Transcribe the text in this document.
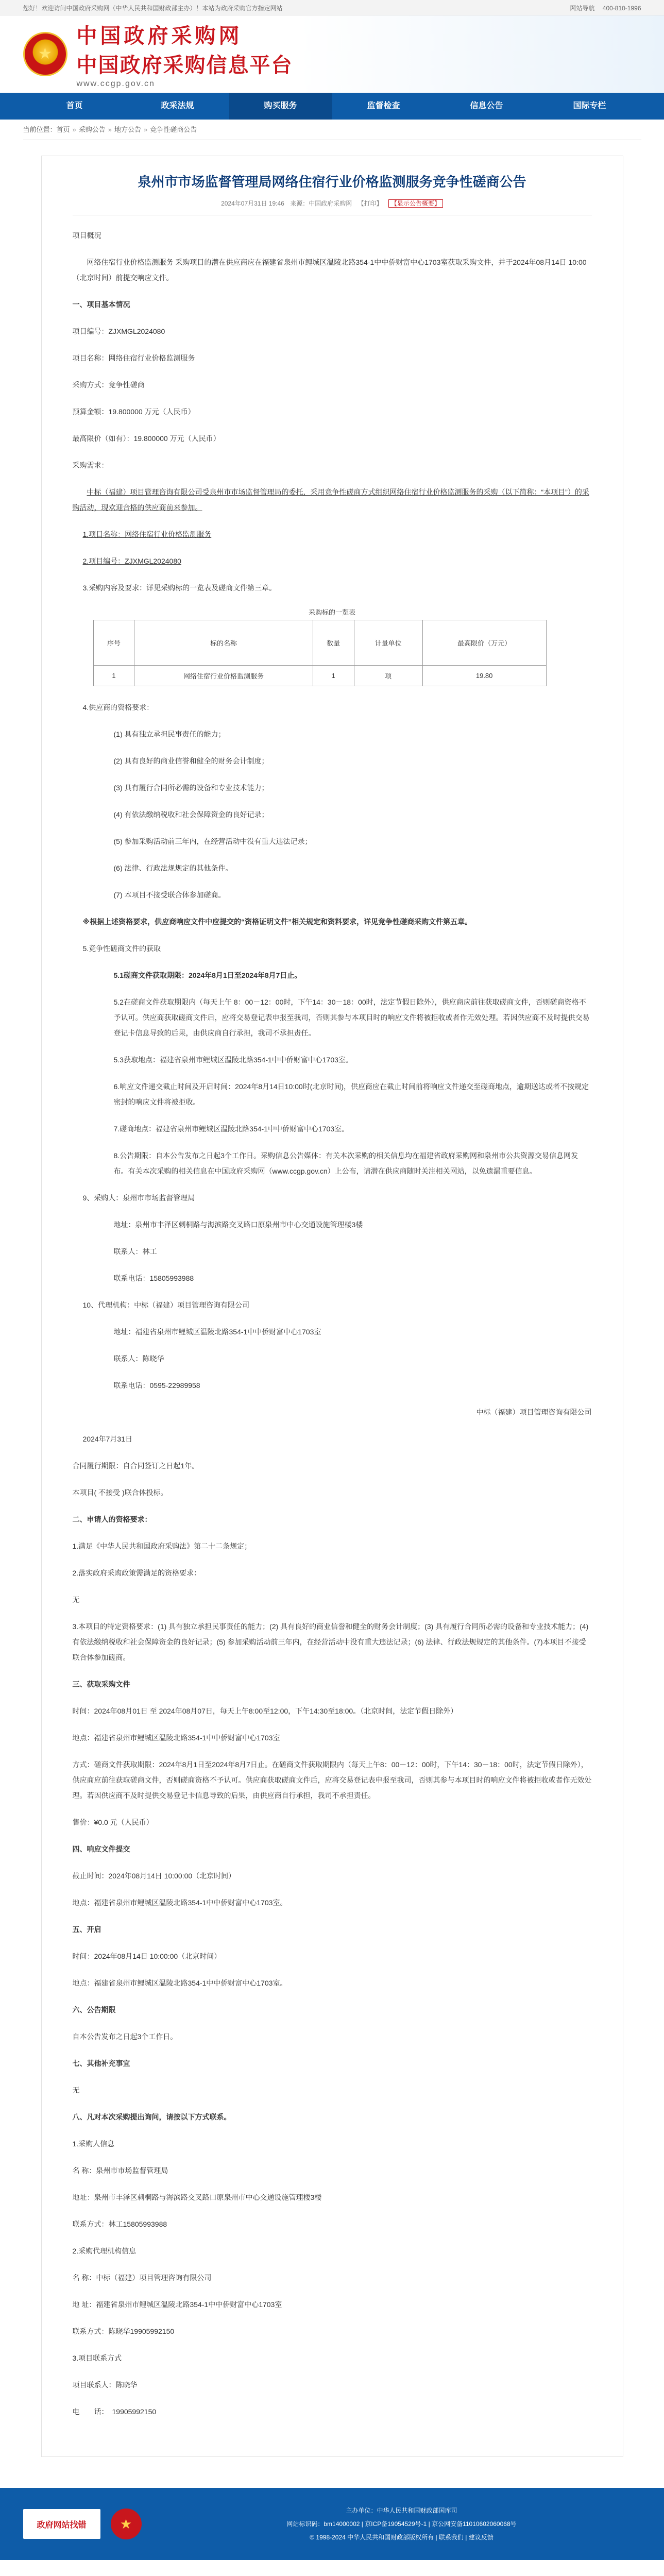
您好！欢迎访问中国政府采购网（中华人民共和国财政部主办）！本站为政府采购官方指定网站	网站导航 400-810-1996
★
中国政府采购网
中国政府采购信息平台
www.ccgp.gov.cn
首页	政采法规	购买服务	监督检查	信息公告	国际专栏
当前位置：首页 » 采购公告 » 地方公告 » 竞争性磋商公告
泉州市市场监督管理局网络住宿行业价格监测服务竞争性磋商公告
2024年07月31日 19:46 来源：中国政府采购网 【打印】 【显示公告概要】

项目概况

网络住宿行业价格监测服务 采购项目的潜在供应商应在福建省泉州市鲤城区温陵北路354-1中中侨财富中心1703室获取采购文件，并于2024年08月14日 10:00（北京时间）前提交响应文件。

一、项目基本情况

项目编号：ZJXMGL2024080

项目名称：网络住宿行业价格监测服务

采购方式：竞争性磋商

预算金额：19.800000 万元（人民币）

最高限价（如有）：19.800000 万元（人民币）

采购需求：

中标（福建）项目管理咨询有限公司受泉州市市场监督管理局的委托，采用竞争性磋商方式组织网络住宿行业价格监测服务的采购（以下简称：“本项目”）的采购活动，现欢迎合格的供应商前来参加。

1.项目名称：网络住宿行业价格监测服务

2.项目编号：ZJXMGL2024080

3.采购内容及要求：详见采购标的一览表及磋商文件第三章。

采购标的一览表
序号	标的名称	数量	计量单位	最高限价（万元）
1	网络住宿行业价格监测服务	1	项	19.80

4.供应商的资格要求：

(1) 具有独立承担民事责任的能力；

(2) 具有良好的商业信誉和健全的财务会计制度；

(3) 具有履行合同所必需的设备和专业技术能力；

(4) 有依法缴纳税收和社会保障资金的良好记录；

(5) 参加采购活动前三年内，在经营活动中没有重大违法记录；

(6) 法律、行政法规规定的其他条件。

(7) 本项目不接受联合体参加磋商。

※根据上述资格要求，供应商响应文件中应提交的“资格证明文件”相关规定和资料要求，详见竞争性磋商采购文件第五章。

5.竞争性磋商文件的获取

5.1磋商文件获取期限：2024年8月1日至2024年8月7日止。

5.2在磋商文件获取期限内（每天上午 8：00－12：00时，下午14：30－18：00时，法定节假日除外），供应商应前往获取磋商文件，否则磋商资格不予认可。供应商获取磋商文件后，应将交易登记表申报至我司，否则其参与本项目时的响应文件将被拒收或者作无效处理。若因供应商不及时提供交易登记卡信息导致的后果，由供应商自行承担，我司不承担责任。

5.3获取地点：福建省泉州市鲤城区温陵北路354-1中中侨财富中心1703室。

6.响应文件递交截止时间及开启时间：2024年8月14日10:00时(北京时间)，供应商应在截止时间前将响应文件递交至磋商地点，逾期送达或者不按规定密封的响应文件将被拒收。

7.磋商地点：福建省泉州市鲤城区温陵北路354-1中中侨财富中心1703室。

8.公告期限：自本公告发布之日起3个工作日。采购信息公告媒体：有关本次采购的相关信息均在福建省政府采购网和泉州市公共资源交易信息网发布。有关本次采购的相关信息在中国政府采购网（www.ccgp.gov.cn）上公布，请潜在供应商随时关注相关网站，以免遗漏重要信息。

9、采购人：泉州市市场监督管理局

地址：泉州市丰泽区刺桐路与海滨路交叉路口原泉州市中心交通设施管理楼3楼

联系人：林工

联系电话：15805993988

10、代理机构：中标（福建）项目管理咨询有限公司

地址：福建省泉州市鲤城区温陵北路354-1中中侨财富中心1703室

联系人：陈晓华

联系电话：0595-22989958

中标（福建）项目管理咨询有限公司

2024年7月31日

合同履行期限：自合同签订之日起1年。

本项目( 不接受 )联合体投标。

二、申请人的资格要求：

1.满足《中华人民共和国政府采购法》第二十二条规定；

2.落实政府采购政策需满足的资格要求：

无

3.本项目的特定资格要求：(1) 具有独立承担民事责任的能力；(2) 具有良好的商业信誉和健全的财务会计制度；(3) 具有履行合同所必需的设备和专业技术能力；(4) 有依法缴纳税收和社会保障资金的良好记录；(5) 参加采购活动前三年内，在经营活动中没有重大违法记录；(6) 法律、行政法规规定的其他条件。(7)本项目不接受联合体参加磋商。

三、获取采购文件

时间：2024年08月01日 至 2024年08月07日，每天上午8:00至12:00，下午14:30至18:00。（北京时间，法定节假日除外）

地点：福建省泉州市鲤城区温陵北路354-1中中侨财富中心1703室

方式：磋商文件获取期限：2024年8月1日至2024年8月7日止。在磋商文件获取期限内（每天上午8：00－12：00时，下午14：30－18：00时，法定节假日除外），供应商应前往获取磋商文件，否则磋商资格不予认可。供应商获取磋商文件后，应将交易登记表申报至我司，否则其参与本项目时的响应文件将被拒收或者作无效处理。若因供应商不及时提供交易登记卡信息导致的后果，由供应商自行承担，我司不承担责任。

售价：¥0.0 元（人民币）

四、响应文件提交

截止时间：2024年08月14日 10:00:00（北京时间）

地点：福建省泉州市鲤城区温陵北路354-1中中侨财富中心1703室。

五、开启

时间：2024年08月14日 10:00:00（北京时间）

地点：福建省泉州市鲤城区温陵北路354-1中中侨财富中心1703室。

六、公告期限

自本公告发布之日起3个工作日。

七、其他补充事宜

无

八、凡对本次采购提出询问，请按以下方式联系。

1.采购人信息

名 称：泉州市市场监督管理局

地址：泉州市丰泽区刺桐路与海滨路交叉路口原泉州市中心交通设施管理楼3楼

联系方式：林工15805993988

2.采购代理机构信息

名 称：中标（福建）项目管理咨询有限公司

地 址：福建省泉州市鲤城区温陵北路354-1中中侨财富中心1703室

联系方式：陈晓华19905992150

3.项目联系方式

项目联系人：陈晓华

电　　话：　19905992150

政府网站找错	★
主办单位：中华人民共和国财政部国库司
网站标识码：bm14000002 | 京ICP备19054529号-1 | 京公网安备11010602060068号
© 1998-2024 中华人民共和国财政部版权所有 | 联系我们 | 建议反馈
